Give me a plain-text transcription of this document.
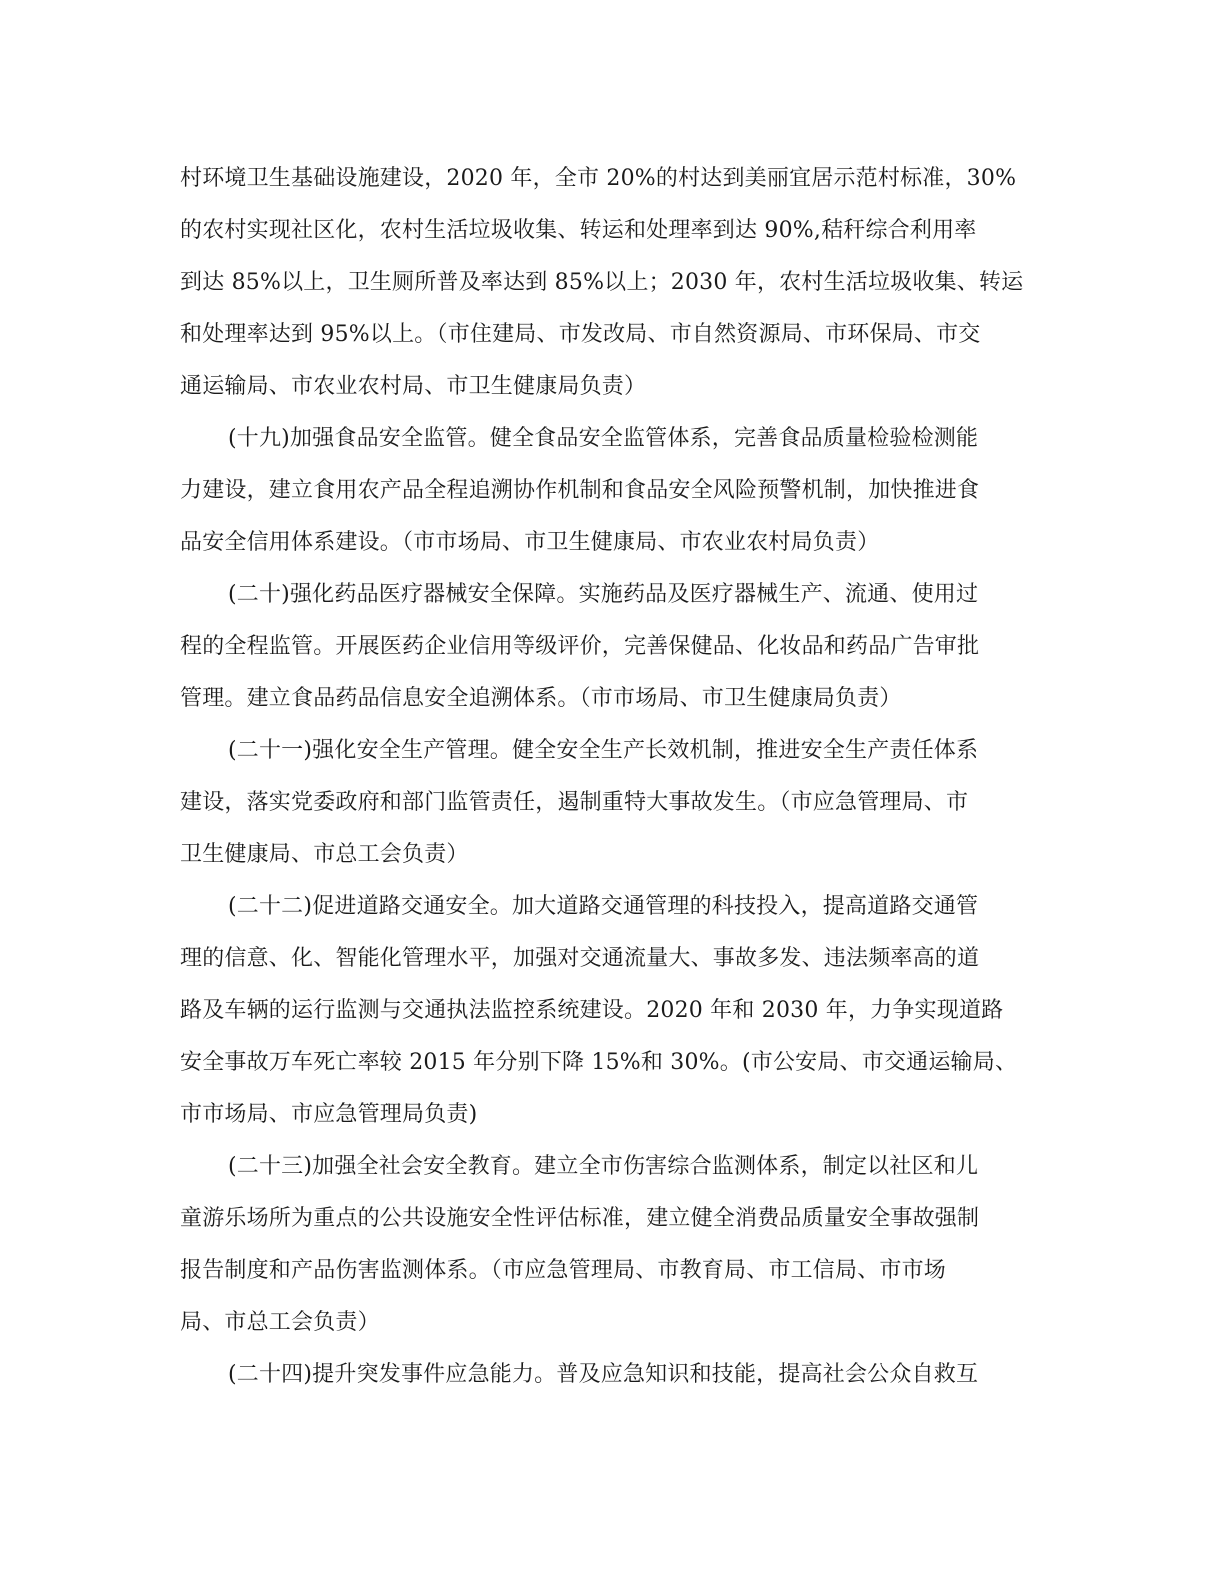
村环境卫生基础设施建设，2020 年，全市 20%的村达到美丽宜居示范村标准，30%
的农村实现社区化，农村生活垃圾收集、转运和处理率到达 90%,秸秆综合利用率
到达 85%以上，卫生厕所普及率达到 85%以上；2030 年，农村生活垃圾收集、转运
和处理率达到 95%以上。（市住建局、市发改局、市自然资源局、市环保局、市交
通运输局、市农业农村局、市卫生健康局负责）
(十九)加强食品安全监管。健全食品安全监管体系，完善食品质量检验检测能
力建设，建立食用农产品全程追溯协作机制和食品安全风险预警机制，加快推进食
品安全信用体系建设。（市市场局、市卫生健康局、市农业农村局负责）
(二十)强化药品医疗器械安全保障。实施药品及医疗器械生产、流通、使用过
程的全程监管。开展医药企业信用等级评价，完善保健品、化妆品和药品广告审批
管理。建立食品药品信息安全追溯体系。（市市场局、市卫生健康局负责）
(二十一)强化安全生产管理。健全安全生产长效机制，推进安全生产责任体系
建设，落实党委政府和部门监管责任，遏制重特大事故发生。（市应急管理局、市
卫生健康局、市总工会负责）
(二十二)促进道路交通安全。加大道路交通管理的科技投入，提高道路交通管
理的信意、化、智能化管理水平，加强对交通流量大、事故多发、违法频率高的道
路及车辆的运行监测与交通执法监控系统建设。2020 年和 2030 年，力争实现道路
安全事故万车死亡率较 2015 年分别下降 15%和 30%。(市公安局、市交通运输局、
市市场局、市应急管理局负责)
(二十三)加强全社会安全教育。建立全市伤害综合监测体系，制定以社区和儿
童游乐场所为重点的公共设施安全性评估标准，建立健全消费品质量安全事故强制
报告制度和产品伤害监测体系。（市应急管理局、市教育局、市工信局、市市场
局、市总工会负责）
(二十四)提升突发事件应急能力。普及应急知识和技能，提高社会公众自救互
